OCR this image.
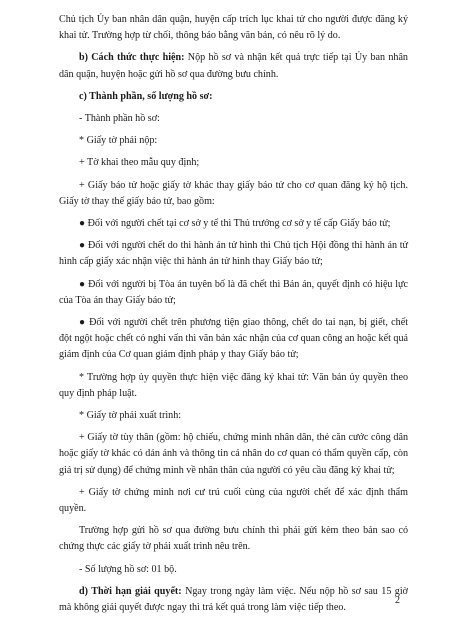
Chủ tịch Ủy ban nhân dân quận, huyện cấp trích lục khai tử cho người được đăng ký khai tử. Trường hợp từ chối, thông báo bằng văn bản, có nêu rõ lý do.

b) Cách thức thực hiện: Nộp hồ sơ và nhận kết quả trực tiếp tại Ủy ban nhân dân quận, huyện hoặc gửi hồ sơ qua đường bưu chính.

c) Thành phần, số lượng hồ sơ:

- Thành phần hồ sơ:

* Giấy tờ phải nộp:

+ Tờ khai theo mẫu quy định;

+ Giấy báo tử hoặc giấy tờ khác thay giấy báo tử cho cơ quan đăng ký hộ tịch. Giấy tờ thay thế giấy báo tử, bao gồm:

● Đối với người chết tại cơ sở y tế thì Thủ trưởng cơ sở y tế cấp Giấy báo tử;

● Đối với người chết do thi hành án tử hình thì Chủ tịch Hội đồng thi hành án tử hình cấp giấy xác nhận việc thi hành án tử hình thay Giấy báo tử;

● Đối với người bị Tòa án tuyên bố là đã chết thì Bản án, quyết định có hiệu lực của Tòa án thay Giấy báo tử;

● Đối với người chết trên phương tiện giao thông, chết do tai nạn, bị giết, chết đột ngột hoặc chết có nghi vấn thì văn bản xác nhận của cơ quan công an hoặc kết quả giám định của Cơ quan giám định pháp y thay Giấy báo tử;

* Trường hợp ủy quyền thực hiện việc đăng ký khai tử: Văn bản ủy quyền theo quy định pháp luật.

* Giấy tờ phải xuất trình:

+ Giấy tờ tùy thân (gồm: hộ chiếu, chứng minh nhân dân, thẻ căn cước công dân hoặc giấy tờ khác có dán ảnh và thông tin cá nhân do cơ quan có thẩm quyền cấp, còn giá trị sử dụng) để chứng minh về nhân thân của người có yêu cầu đăng ký khai tử;

+ Giấy tờ chứng minh nơi cư trú cuối cùng của người chết để xác định thẩm quyền.

Trường hợp gửi hồ sơ qua đường bưu chính thì phải gửi kèm theo bản sao có chứng thực các giấy tờ phải xuất trình nêu trên.

- Số lượng hồ sơ: 01 bộ.

d) Thời hạn giải quyết: Ngay trong ngày làm việc. Nếu nộp hồ sơ sau 15 giờ mà không giải quyết được ngay thì trả kết quả trong làm việc tiếp theo.

2
